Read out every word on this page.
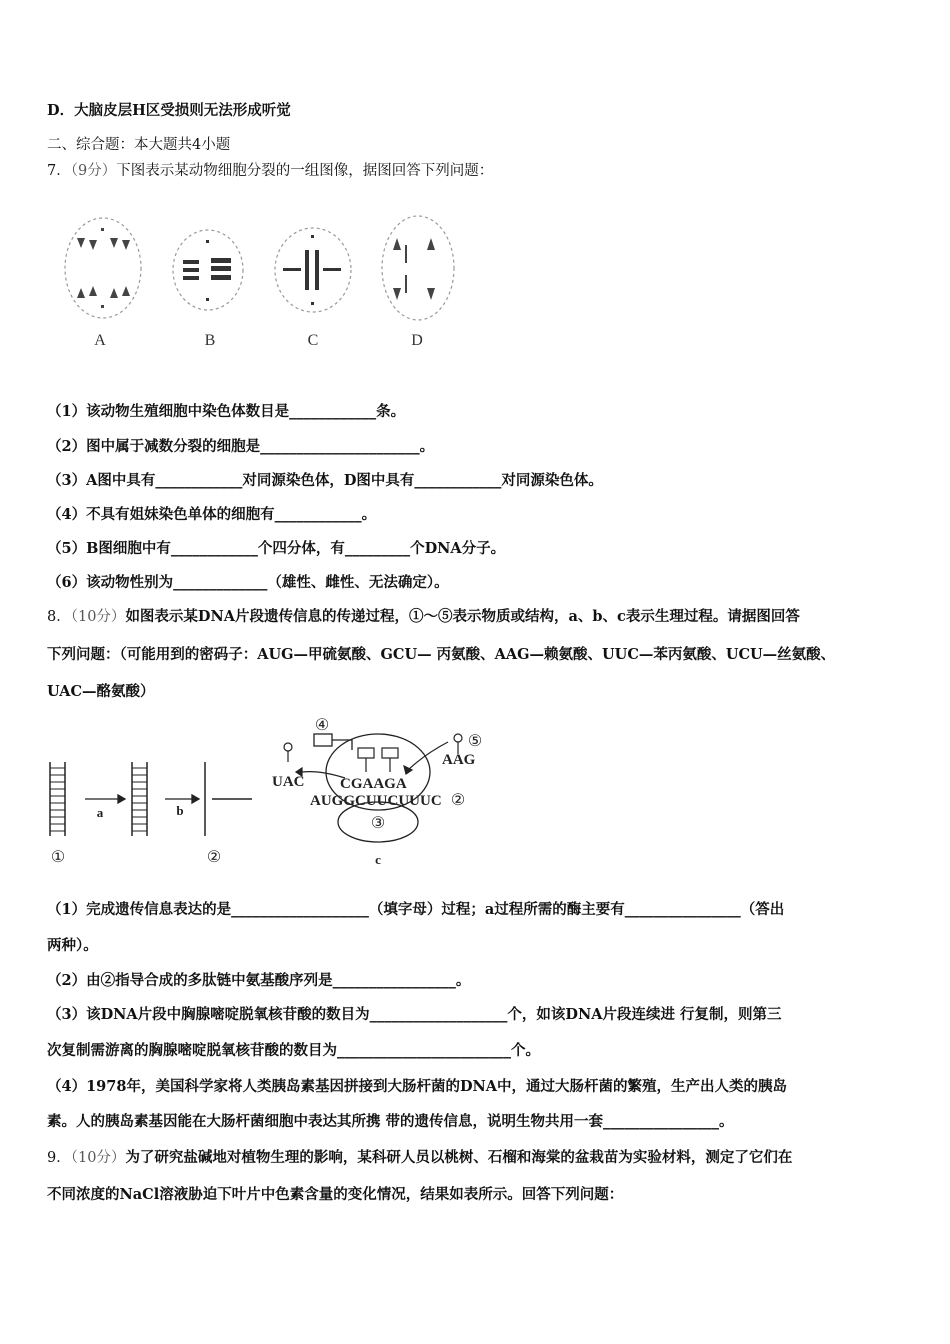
D．大脑皮层H区受损则无法形成听觉
二、综合题：本大题共4小题
7．（9分）下图表示某动物细胞分裂的一组图像，据图回答下列问题：
A	B	C	D
（1）该动物生殖细胞中染色体数目是____________条。
（2）图中属于减数分裂的细胞是______________________。
（3）A图中具有____________对同源染色体，D图中具有____________对同源染色体。
（4）不具有姐妹染色单体的细胞有____________。
（5）B图细胞中有____________个四分体，有_________个DNA分子。
（6）该动物性别为_____________（雄性、雌性、无法确定）。
8．（10分）如图表示某DNA片段遗传信息的传递过程，①～⑤表示物质或结构，a、b、c表示生理过程。请据图回答
下列问题：（可能用到的密码子：AUG—甲硫氨酸、GCU— 丙氨酸、AAG—赖氨酸、UUC—苯丙氨酸、UCU—丝氨酸、
UAC—酪氨酸）
a	b
c
①	②
④
⑤
③
②
UAC CGAAGA
AAG
AUGGCUUCUUUC
（1）完成遗传信息表达的是___________________（填字母）过程；a过程所需的酶主要有________________（答出
两种）。
（2）由②指导合成的多肽链中氨基酸序列是_________________。
（3）该DNA片段中胸腺嘧啶脱氧核苷酸的数目为___________________个，如该DNA片段连续进 行复制，则第三
次复制需游离的胸腺嘧啶脱氧核苷酸的数目为________________________个。
（4）1978年，美国科学家将人类胰岛素基因拼接到大肠杆菌的DNA中，通过大肠杆菌的繁殖，生产出人类的胰岛
素。人的胰岛素基因能在大肠杆菌细胞中表达其所携 带的遗传信息，说明生物共用一套________________。
9．（10分）为了研究盐碱地对植物生理的影响，某科研人员以桃树、石榴和海棠的盆栽苗为实验材料，测定了它们在
不同浓度的NaCl溶液胁迫下叶片中色素含量的变化情况，结果如表所示。回答下列问题：
